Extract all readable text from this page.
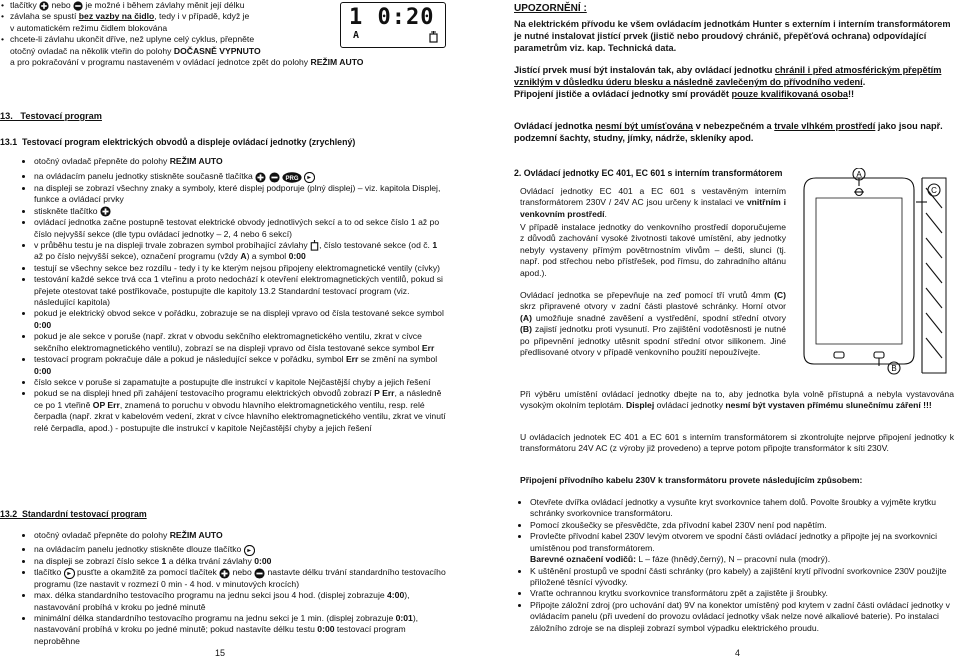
• tlačítky  nebo  je možné i během závlahy měnit její délku
• závlaha se spustí bez vazby na čidlo, tedy i v případě, když je
v automatickém režimu čidlem blokována
• chcete-li závlahu ukončit dříve, než uplyne celý cyklus, přepněte
otočný ovladač na několik vteřin do polohy DOČASNĚ VYPNUTO
a pro pokračování v programu nastaveném v ovládací jednotce zpět do polohy REŽIM AUTO
1 0:20
A
13.   Testovací program
13.1  Testovací program elektrických obvodů a displeje ovládací jednotky (zrychlený)
• otočný ovladač přepněte do polohy REŽIM AUTO
• na ovládacím panelu jednotky stiskněte současně tlačítka	PRG

• na displeji se zobrazí všechny znaky a symboly, které displej podporuje (plný displej) – viz. kapitola Displej, funkce a ovládací prvky
• stiskněte tlačítko
• ovládací jednotka začne postupně testovat elektrické obvody jednotlivých sekcí a to od sekce číslo 1 až po číslo nejvyšší sekce (dle typu ovládací jednotky – 2, 4 nebo 6 sekcí)
• v průběhu testu je na displeji trvale zobrazen symbol probíhající závlahy , číslo testované sekce (od č. 1 až po číslo nejvyšší sekce), označení programu (vždy A) a symbol 0:00
• testují se všechny sekce bez rozdílu - tedy i ty ke kterým nejsou připojeny elektromagnetické ventily (cívky)
• testování každé sekce trvá cca 1 vteřinu a proto nedochází k otevření elektromagnetických ventilů, pokud si přejete otestovat také postřikovače, postupujte dle kapitoly 13.2 Standardní testovací program (viz. následující kapitola)
• pokud je elektrický obvod sekce v pořádku, zobrazuje se na displeji vpravo od čísla testované sekce symbol 0:00
• pokud je ale sekce v poruše (např. zkrat v obvodu sekčního elektromagnetického ventilu, zkrat v cívce sekčního elektromagnetického ventilu), zobrazí se na displeji vpravo od čísla testované sekce symbol Err
• testovací program pokračuje dále a pokud je následující sekce v pořádku, symbol Err se změní na symbol 0:00
• číslo sekce v poruše si zapamatujte a postupujte dle instrukcí v kapitole Nejčastější chyby a jejich řešení
• pokud se na displeji hned při zahájení testovacího programu elektrických obvodů zobrazí P Err, a následně ce po 1 vteřině OP Err, znamená to poruchu v obvodu hlavního elektromagnetického ventilu, resp. relé čerpadla (např. zkrat v kabelovém vedení, zkrat v cívce hlavního elektromagnetického ventilu, zkrat ve vinutí relé čerpadla, apod.) - postupujte dle instrukcí v kapitole Nejčastější chyby a jejich řešení
13.2  Standardní testovací program
• otočný ovladač přepněte do polohy REŽIM AUTO
• na ovládacím panelu jednotky stiskněte dlouze tlačítko
• na displeji se zobrazí číslo sekce 1 a délka trvání závlahy 0:00
• tlačítko  pusťte a okamžitě za pomocí tlačítek  nebo  nastavte délku trvání standardního testovacího programu (lze nastavit v rozmezí 0 min - 4 hod. v minutových krocích)
• max. délka standardního testovacího programu na jednu sekci jsou 4 hod. (displej zobrazuje 4:00), nastavování probíhá v kroku po jedné minutě
• minimální délka standardního testovacího programu na jednu sekci je 1 min. (displej zobrazuje 0:01), nastavování probíhá v kroku po jedné minutě; pokud nastavíte délku testu 0:00 testovací program neproběhne
15
UPOZORNĚNÍ :
Na elektrickém přívodu ke všem ovládacím jednotkám Hunter s externím i interním transformátorem je nutné instalovat jistící prvek (jistič nebo proudový chránič, přepěťová ochrana) odpovídající parametrům viz. kap. Technická data.
Jistící prvek musí být instalován tak, aby ovládací jednotku chránil i před atmosférickým přepětím vzniklým v důsledku úderu blesku a následně zavlečeným do přívodního vedení.
Připojení jističe a ovládací jednotky smí provádět pouze kvalifikovaná osoba!!
Ovládací jednotka nesmí být umísťována v nebezpečném a trvale vlhkém prostředí jako jsou např. podzemní šachty, studny, jímky, nádrže, skleníky apod.
2. Ovládací jednotky EC 401, EC 601 s interním transformátorem
Ovládací jednotky EC 401 a EC 601 s vestavěným interním transformátorem 230V / 24V AC jsou určeny k instalaci ve vnitřním i venkovním prostředí.
V případě instalace jednotky do venkovního prostředí doporučujeme z důvodů zachování vysoké životnosti takové umístění, aby jednotky nebyly vystaveny přímým povětrnostním vlivům – dešti, slunci (tj. např. pod střechou nebo přístřešek, pod římsu, do zahradního altánu apod.).
Ovládací jednotka se přepevňuje na zeď pomocí tří vrutů 4mm (C) skrz připravené otvory v zadní části plastové schránky. Horní otvor (A) umožňuje snadné zavěšení a vystředění, spodní střední otvory (B) zajistí jednotku proti vysunutí. Pro zajištění vodotěsnosti je nutné po připevnění jednotky utěsnit spodní střední otvor silikonem. Jiné předlisované otvory v případě venkovního použití nepoužívejte.
A
C
B
Při výběru umístění ovládací jednotky dbejte na to, aby jednotka byla volně přístupná a nebyla vystavována vysokým okolním teplotám. Displej ovládací jednotky nesmí být vystaven přímému slunečnímu záření !!!
U ovládacích jednotek EC 401 a EC 601 s interním transformátorem si zkontrolujte nejprve připojení jednotky k transformátoru 24V AC (z výroby již provedeno) a teprve potom připojte transformátor k síti 230V.
Připojení přívodního kabelu 230V k transformátoru provete následujícím způsobem:
• Otevřete dvířka ovládací jednotky a vysuňte kryt svorkovnice tahem dolů. Povolte šroubky a vyjměte krytku schránky svorkovnice transformátoru.
• Pomocí zkoušečky se přesvědčte, zda přívodní kabel 230V není pod napětím.
• Provlečte přívodní kabel 230V levým otvorem ve spodní části ovládací jednotky a připojte jej na svorkovnici umístěnou pod transformátorem.
Barevné označení vodičů: L – fáze (hnědý,černý), N – pracovní nula (modrý).
• K uštěnění prostupů ve spodní části schránky (pro kabely) a zajištění krytí přívodní svorkovnice 230V použijte přiložené těsnící vývodky.
• Vraťte ochrannou krytku svorkovnice transformátoru zpět a zajistěte ji šroubky.
• Připojte záložní zdroj (pro uchování dat) 9V na konektor umístěný pod krytem v zadní části ovládací jednotky v ovládacím panelu (při uvedení do provozu ovládací jednotky však nelze nové alkaliové baterie). Po instalaci záložního zdroje se na displeji zobrazí symbol výpadku elektrického proudu.
4
